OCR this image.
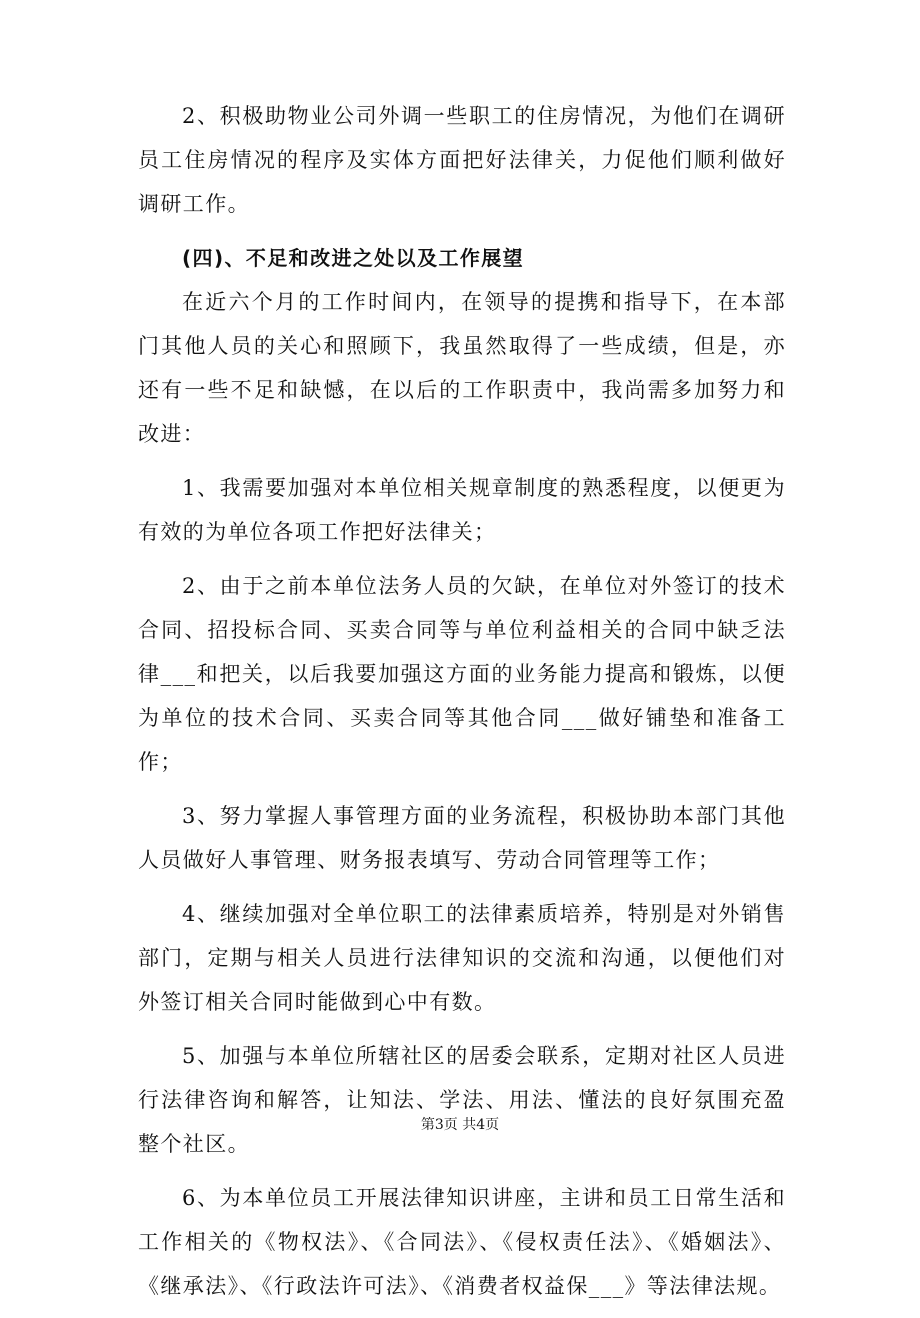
2、积极助物业公司外调一些职工的住房情况，为他们在调研员工住房情况的程序及实体方面把好法律关，力促他们顺利做好调研工作。

(四)、不足和改进之处以及工作展望

在近六个月的工作时间内，在领导的提携和指导下，在本部门其他人员的关心和照顾下，我虽然取得了一些成绩，但是，亦还有一些不足和缺憾，在以后的工作职责中，我尚需多加努力和改进：

1、我需要加强对本单位相关规章制度的熟悉程度，以便更为有效的为单位各项工作把好法律关；

2、由于之前本单位法务人员的欠缺，在单位对外签订的技术合同、招投标合同、买卖合同等与单位利益相关的合同中缺乏法律___和把关，以后我要加强这方面的业务能力提高和锻炼，以便为单位的技术合同、买卖合同等其他合同___做好铺垫和准备工作；

3、努力掌握人事管理方面的业务流程，积极协助本部门其他人员做好人事管理、财务报表填写、劳动合同管理等工作；

4、继续加强对全单位职工的法律素质培养，特别是对外销售部门，定期与相关人员进行法律知识的交流和沟通，以便他们对外签订相关合同时能做到心中有数。

5、加强与本单位所辖社区的居委会联系，定期对社区人员进行法律咨询和解答，让知法、学法、用法、懂法的良好氛围充盈整个社区。

6、为本单位员工开展法律知识讲座，主讲和员工日常生活和工作相关的《物权法》、《合同法》、《侵权责任法》、《婚姻法》、《继承法》、《行政法许可法》、《消费者权益保___》等法律法规。

第3页 共4页
